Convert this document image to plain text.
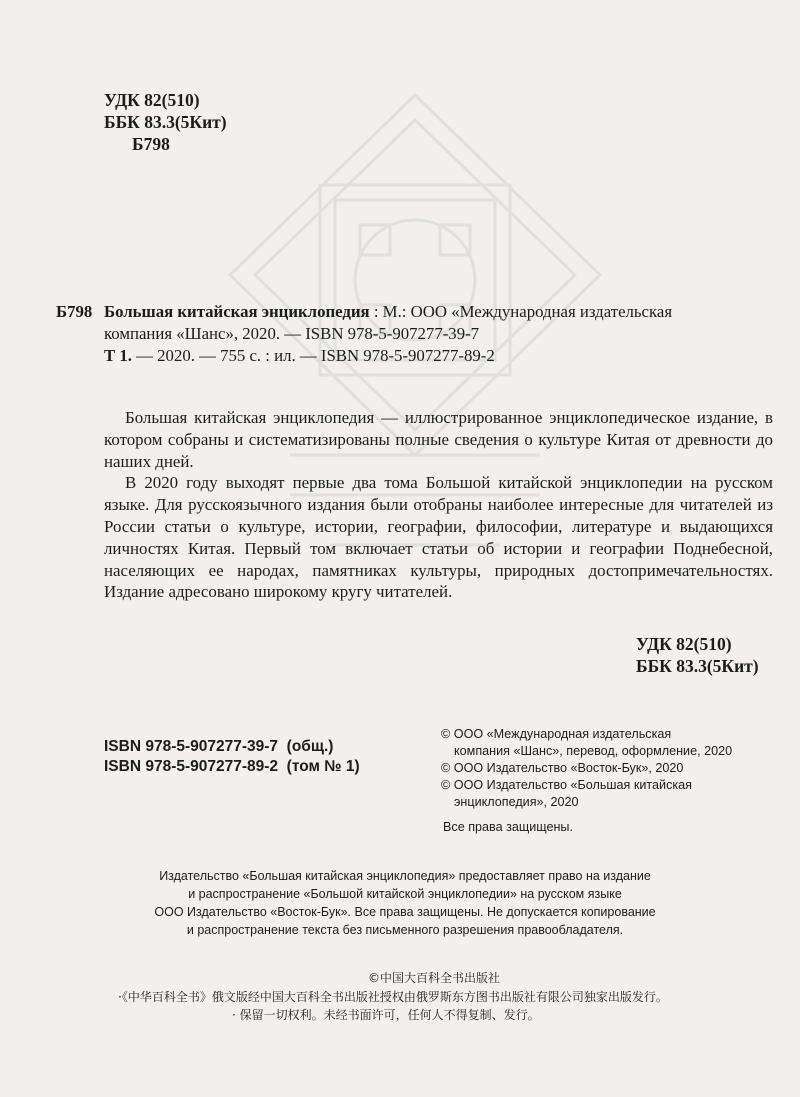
УДК 82(510)
ББК 83.3(5Кит)
Б798
Б798 Большая китайская энциклопедия : М.: ООО «Международная издательская
компания «Шанс», 2020. — ISBN 978-5-907277-39-7
Т 1. — 2020. — 755 с. : ил. — ISBN 978-5-907277-89-2

Большая китайская энциклопедия — иллюстрированное энциклопедическое издание, в котором собраны и систематизированы полные сведения о культуре Китая от древности до наших дней.

В 2020 году выходят первые два тома Большой китайской энциклопедии на русском языке. Для русскоязычного издания были отобраны наиболее интересные для читателей из России статьи о культуре, истории, географии, философии, литературе и выдающихся личностях Китая. Первый том включает статьи об истории и географии Поднебесной, населяющих ее народах, памятниках культуры, природных достопримечательностях. Издание адресовано широкому кругу читателей.

УДК 82(510)
ББК 83.3(5Кит)
ISBN 978-5-907277-39-7  (общ.)
ISBN 978-5-907277-89-2  (том № 1)
© ООО «Международная издательская
компания «Шанс», перевод, оформление, 2020
© ООО Издательство «Восток-Бук», 2020
© ООО Издательство «Большая китайская
энциклопедия», 2020
Все права защищены.
Издательство «Большая китайская энциклопедия» предоставляет право на издание
и распространение «Большой китайской энциклопедии» на русском языке
ООО Издательство «Восток-Бук». Все права защищены. Не допускается копирование
и распространение текста без письменного разрешения правообладателя.
©中国大百科全书出版社
·《中华百科全书》俄文版经中国大百科全书出版社授权由俄罗斯东方图书出版社有限公司独家出版发行。
· 保留一切权利。未经书面许可，任何人不得复制、发行。
